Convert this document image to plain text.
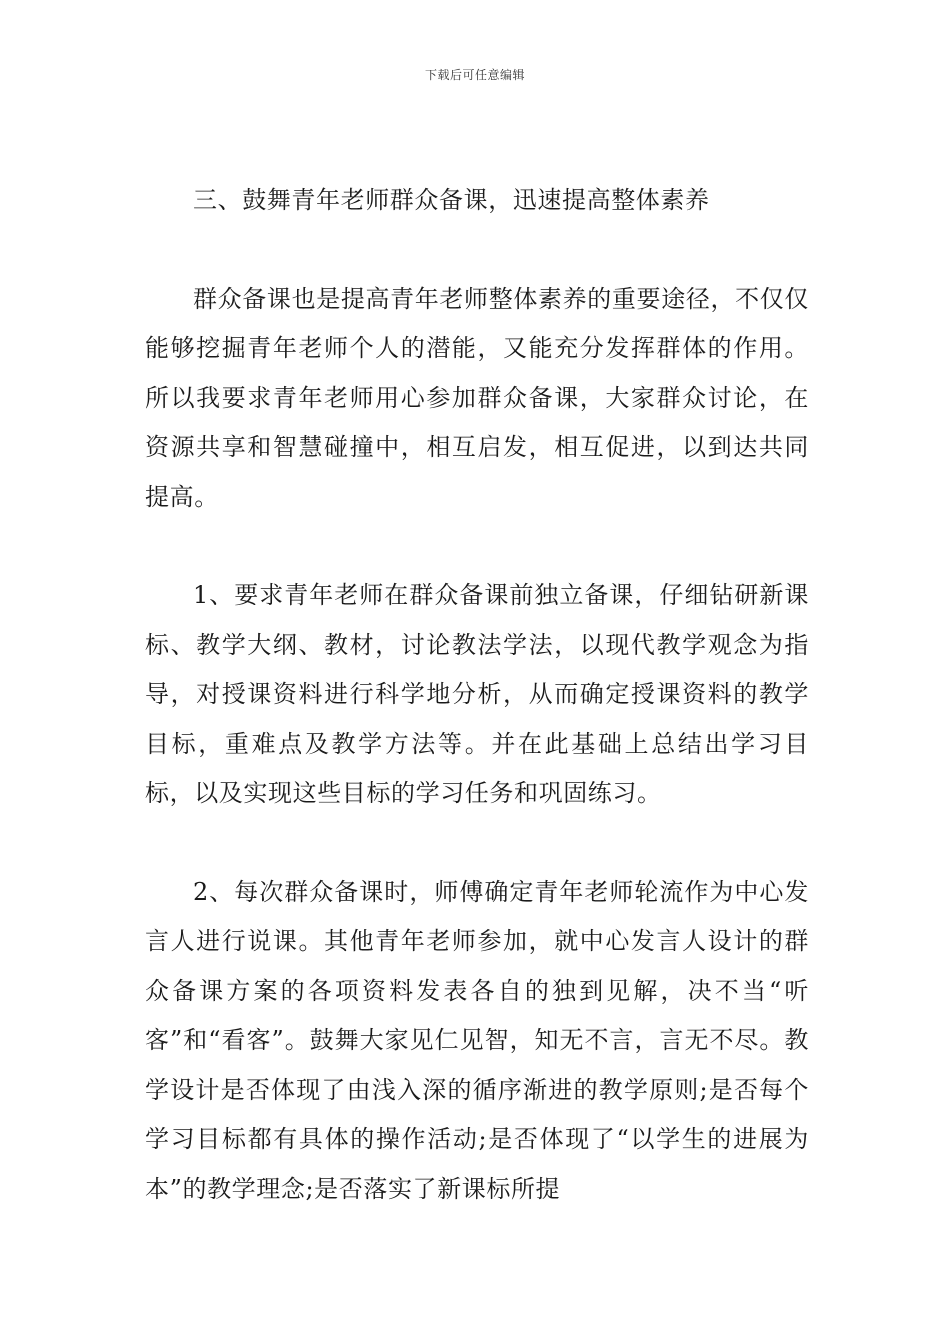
下载后可任意编辑

三、鼓舞青年老师群众备课，迅速提高整体素养

群众备课也是提高青年老师整体素养的重要途径，不仅仅能够挖掘青年老师个人的潜能，又能充分发挥群体的作用。所以我要求青年老师用心参加群众备课，大家群众讨论，在资源共享和智慧碰撞中，相互启发，相互促进，以到达共同提高。

1、要求青年老师在群众备课前独立备课，仔细钻研新课标、教学大纲、教材，讨论教法学法，以现代教学观念为指导，对授课资料进行科学地分析，从而确定授课资料的教学目标，重难点及教学方法等。并在此基础上总结出学习目标，以及实现这些目标的学习任务和巩固练习。

2、每次群众备课时，师傅确定青年老师轮流作为中心发言人进行说课。其他青年老师参加，就中心发言人设计的群众备课方案的各项资料发表各自的独到见解，决不当“听客”和“看客”。鼓舞大家见仁见智，知无不言，言无不尽。教学设计是否体现了由浅入深的循序渐进的教学原则;是否每个学习目标都有具体的操作活动;是否体现了“以学生的进展为本”的教学理念;是否落实了新课标所提
